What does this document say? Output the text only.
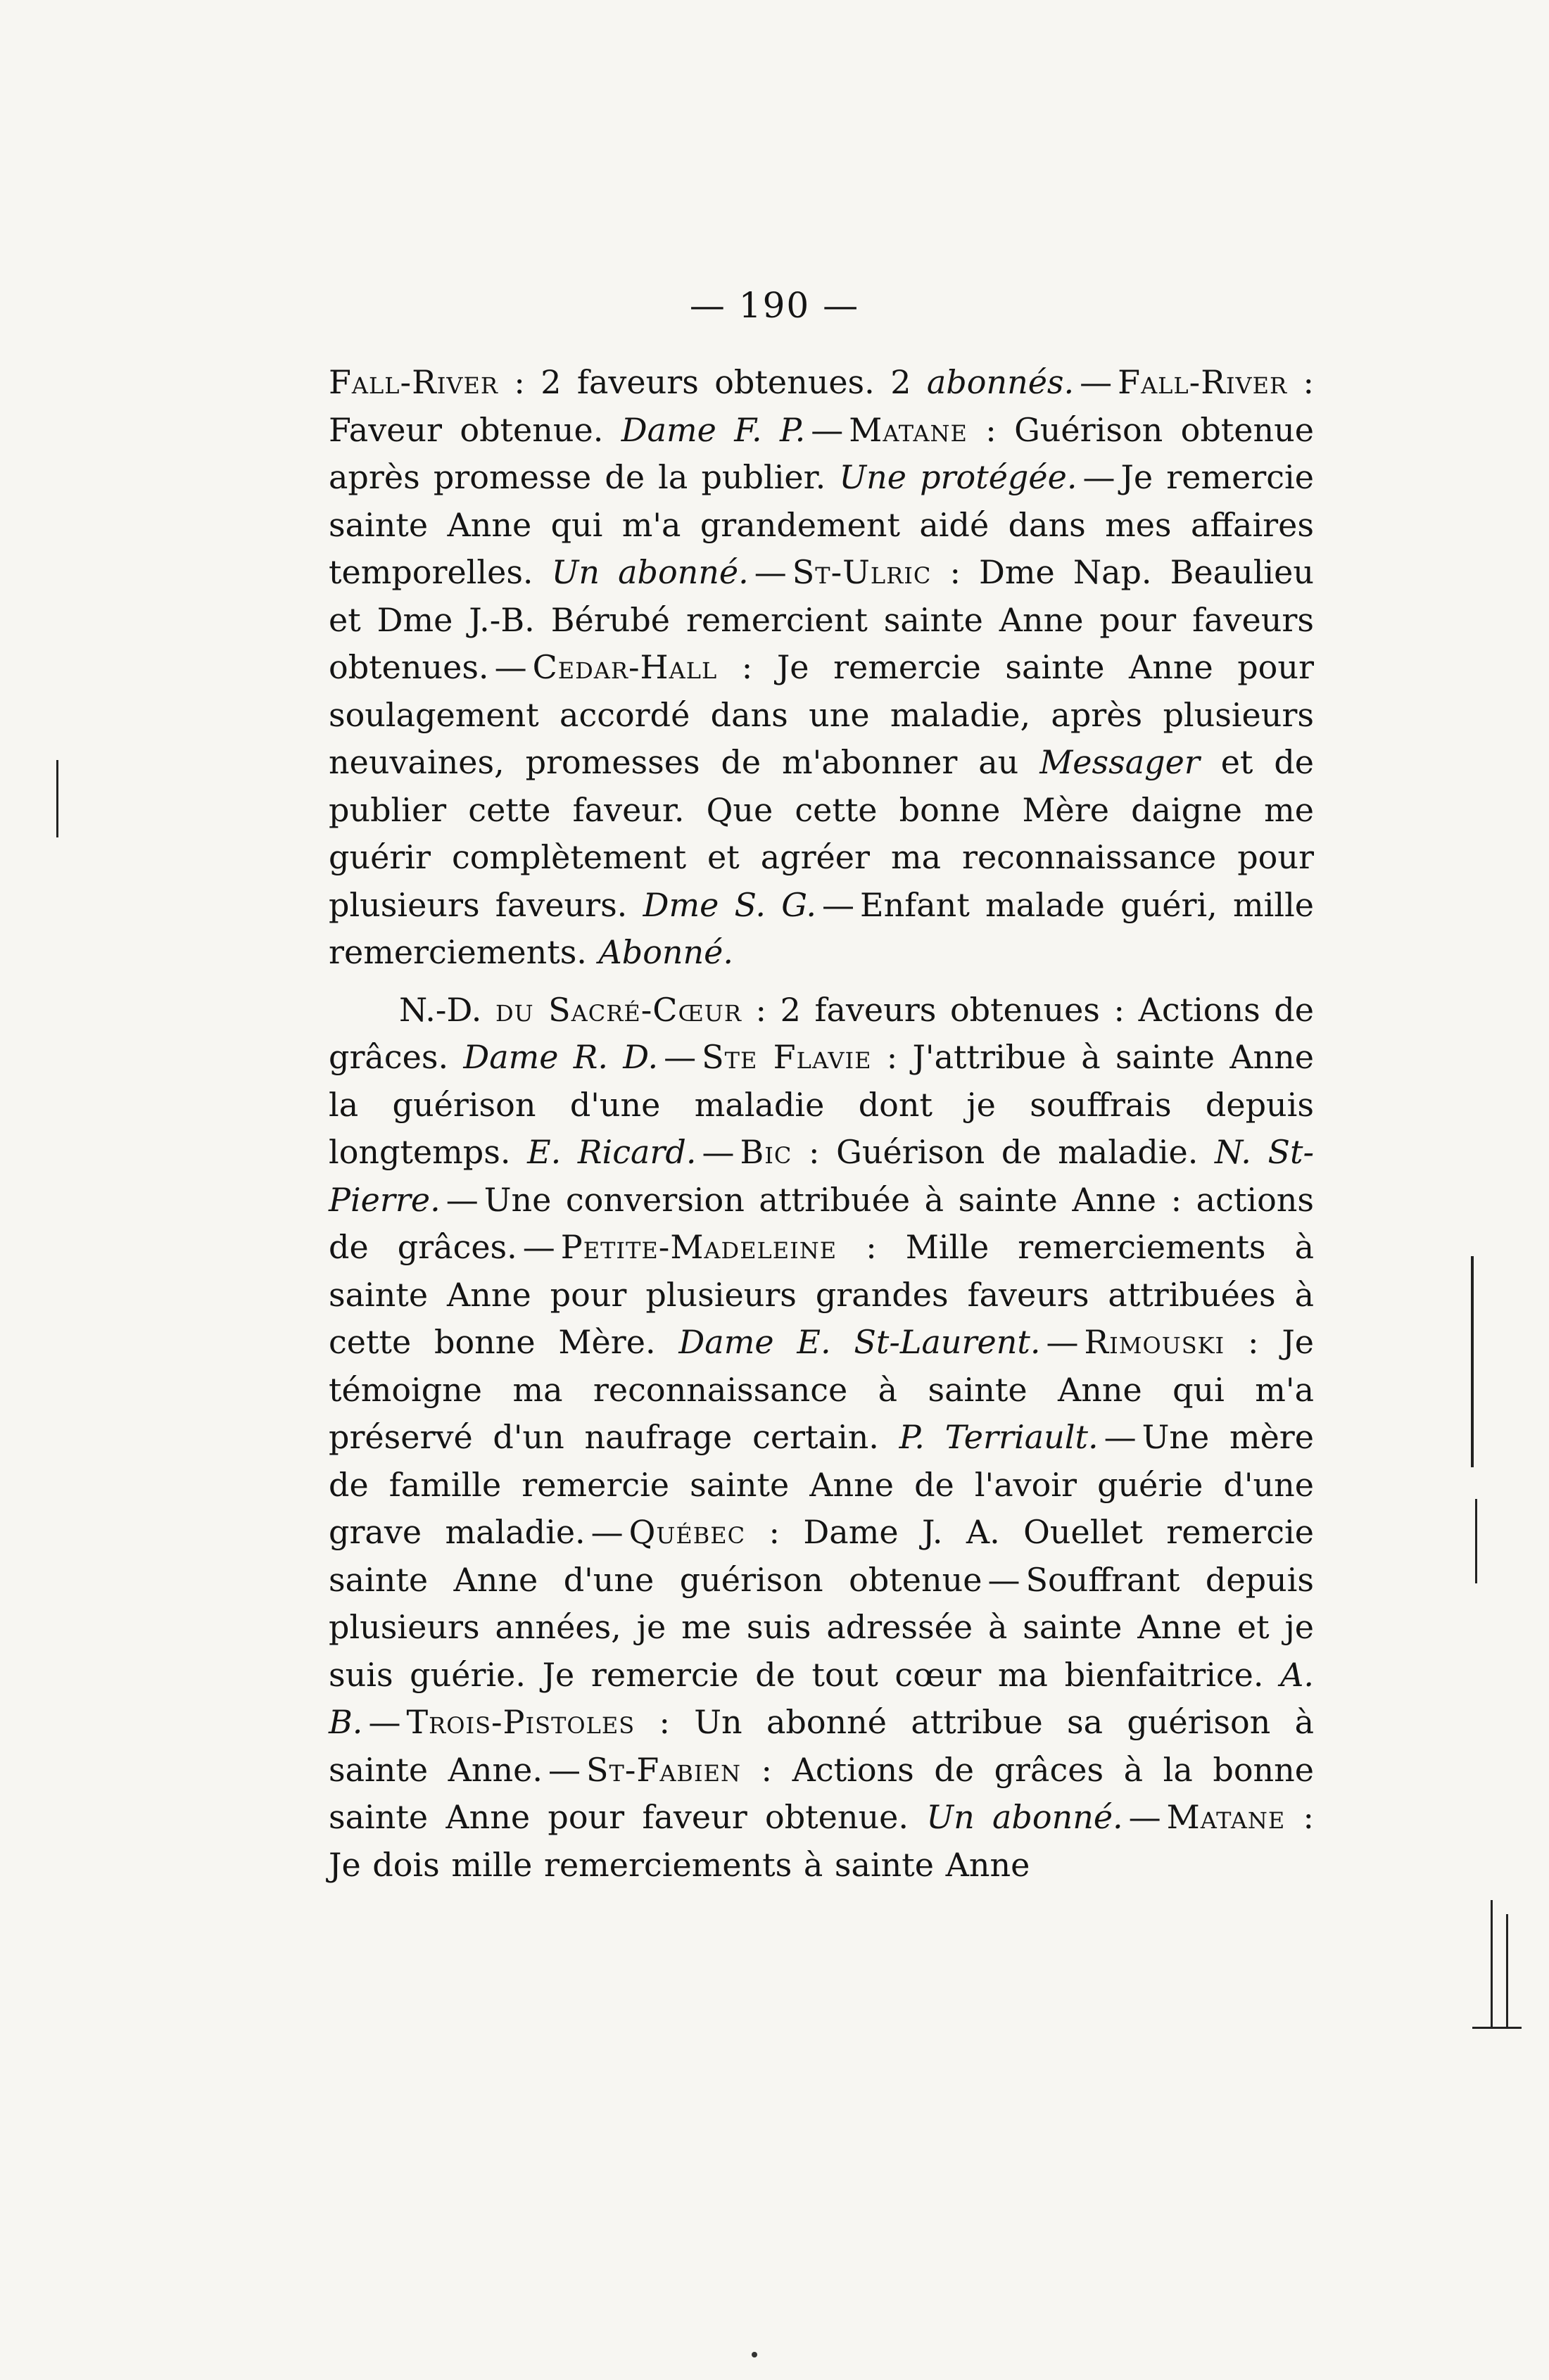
— 190 —

Fall-River : 2 faveurs obtenues. 2 abonnés. — Fall-River : Faveur obtenue. Dame F. P. — Matane : Guérison obtenue après promesse de la publier. Une protégée. — Je remercie sainte Anne qui m'a grandement aidé dans mes affaires temporelles. Un abonné. — St-Ulric : Dme Nap. Beaulieu et Dme J.-B. Bérubé remercient sainte Anne pour faveurs obtenues. — Cedar-Hall : Je remercie sainte Anne pour soulagement accordé dans une maladie, après plusieurs neuvaines, promesses de m'abonner au Messager et de publier cette faveur. Que cette bonne Mère daigne me guérir complètement et agréer ma reconnaissance pour plusieurs faveurs. Dme S. G. — Enfant malade guéri, mille remerciements. Abonné.

N.-D. du Sacré-Cœur : 2 faveurs obtenues : Actions de grâces. Dame R. D. — Ste Flavie : J'attribue à sainte Anne la guérison d'une maladie dont je souffrais depuis longtemps. E. Ricard. — Bic : Guérison de maladie. N. St-Pierre. — Une conversion attribuée à sainte Anne : actions de grâces. — Petite-Madeleine : Mille remerciements à sainte Anne pour plusieurs grandes faveurs attribuées à cette bonne Mère. Dame E. St-Laurent. — Rimouski : Je témoigne ma reconnaissance à sainte Anne qui m'a préservé d'un naufrage certain. P. Terriault. — Une mère de famille remercie sainte Anne de l'avoir guérie d'une grave maladie. — Québec : Dame J. A. Ouellet remercie sainte Anne d'une guérison obtenue — Souffrant depuis plusieurs années, je me suis adressée à sainte Anne et je suis guérie. Je remercie de tout cœur ma bienfaitrice. A. B. — Trois-Pistoles : Un abonné attribue sa guérison à sainte Anne. — St-Fabien : Actions de grâces à la bonne sainte Anne pour faveur obtenue. Un abonné. — Matane : Je dois mille remerciements à sainte Anne
